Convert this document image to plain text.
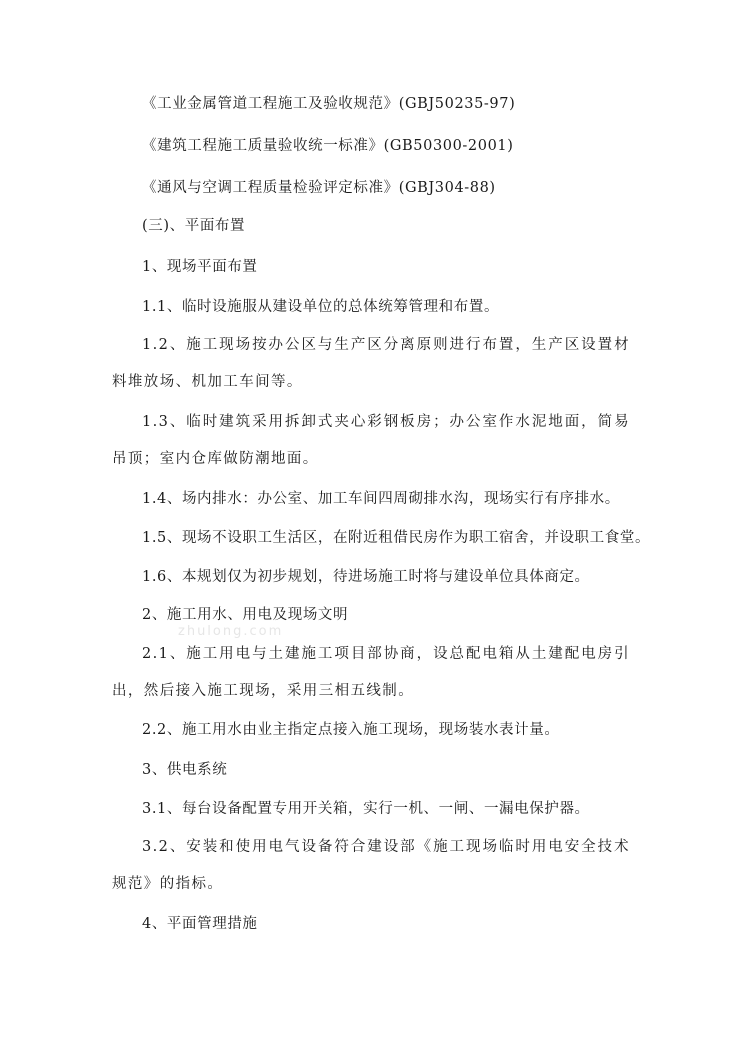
《工业金属管道工程施工及验收规范》(GBJ50235-97)
《建筑工程施工质量验收统一标准》(GB50300-2001)
《通风与空调工程质量检验评定标准》(GBJ304-88)
(三)、平面布置
1、现场平面布置
1.1、临时设施服从建设单位的总体统筹管理和布置。
1.2、施工现场按办公区与生产区分离原则进行布置，生产区设置材料堆放场、机加工车间等。
1.3、临时建筑采用拆卸式夹心彩钢板房；办公室作水泥地面，简易吊顶；室内仓库做防潮地面。
1.4、场内排水：办公室、加工车间四周砌排水沟，现场实行有序排水。
1.5、现场不设职工生活区，在附近租借民房作为职工宿舍，并设职工食堂。
1.6、本规划仅为初步规划，待进场施工时将与建设单位具体商定。
2、施工用水、用电及现场文明
zhulong.com
2.1、施工用电与土建施工项目部协商，设总配电箱从土建配电房引出，然后接入施工现场，采用三相五线制。
2.2、施工用水由业主指定点接入施工现场，现场装水表计量。
3、供电系统
3.1、每台设备配置专用开关箱，实行一机、一闸、一漏电保护器。
3.2、安装和使用电气设备符合建设部《施工现场临时用电安全技术规范》的指标。
4、平面管理措施
